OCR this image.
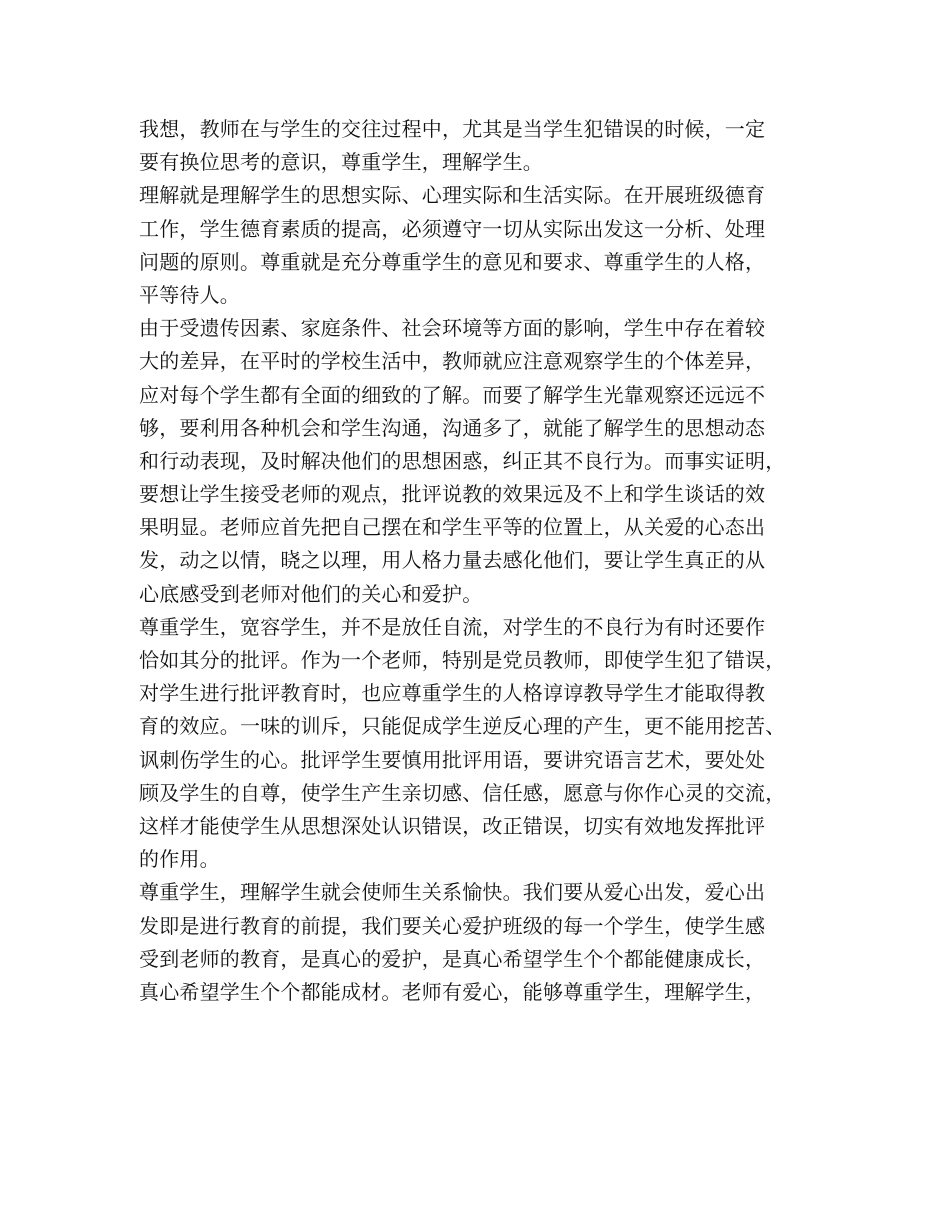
我想，教师在与学生的交往过程中，尤其是当学生犯错误的时候，一定
要有换位思考的意识，尊重学生，理解学生。
理解就是理解学生的思想实际、心理实际和生活实际。在开展班级德育
工作，学生德育素质的提高，必须遵守一切从实际出发这一分析、处理
问题的原则。尊重就是充分尊重学生的意见和要求、尊重学生的人格，
平等待人。
由于受遗传因素、家庭条件、社会环境等方面的影响，学生中存在着较
大的差异，在平时的学校生活中，教师就应注意观察学生的个体差异，
应对每个学生都有全面的细致的了解。而要了解学生光靠观察还远远不
够，要利用各种机会和学生沟通，沟通多了，就能了解学生的思想动态
和行动表现，及时解决他们的思想困惑，纠正其不良行为。而事实证明，
要想让学生接受老师的观点，批评说教的效果远及不上和学生谈话的效
果明显。老师应首先把自己摆在和学生平等的位置上，从关爱的心态出
发，动之以情，晓之以理，用人格力量去感化他们，要让学生真正的从
心底感受到老师对他们的关心和爱护。
尊重学生，宽容学生，并不是放任自流，对学生的不良行为有时还要作
恰如其分的批评。作为一个老师，特别是党员教师，即使学生犯了错误，
对学生进行批评教育时，也应尊重学生的人格谆谆教导学生才能取得教
育的效应。一味的训斥，只能促成学生逆反心理的产生，更不能用挖苦、
讽刺伤学生的心。批评学生要慎用批评用语，要讲究语言艺术，要处处
顾及学生的自尊，使学生产生亲切感、信任感，愿意与你作心灵的交流，
这样才能使学生从思想深处认识错误，改正错误，切实有效地发挥批评
的作用。
尊重学生，理解学生就会使师生关系愉快。我们要从爱心出发，爱心出
发即是进行教育的前提，我们要关心爱护班级的每一个学生，使学生感
受到老师的教育，是真心的爱护，是真心希望学生个个都能健康成长，
真心希望学生个个都能成材。老师有爱心，能够尊重学生，理解学生，
